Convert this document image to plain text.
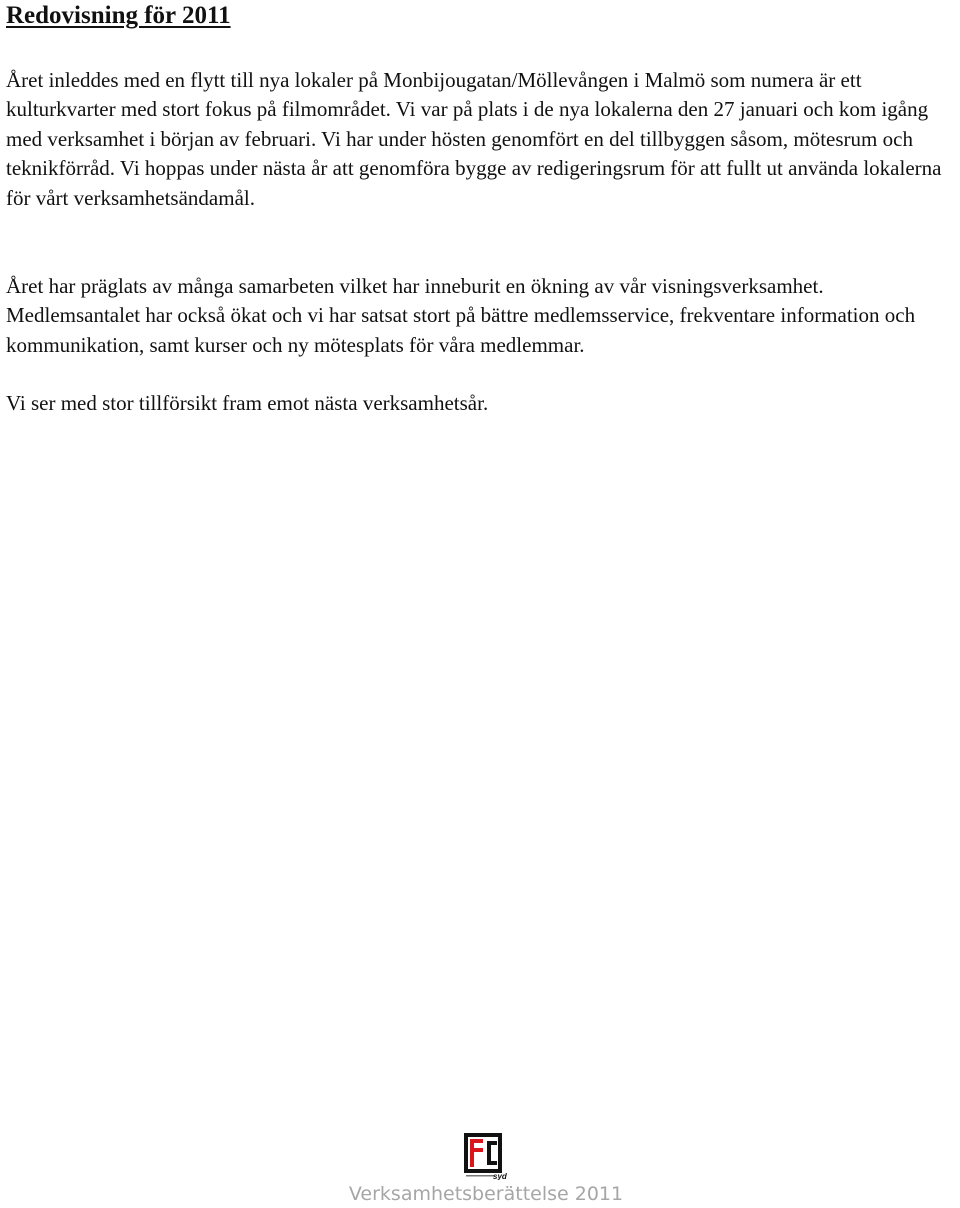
Redovisning för 2011

Året inleddes med en flytt till nya lokaler på Monbijougatan/Möllevången i Malmö som numera är ett kulturkvarter med stort fokus på filmområdet. Vi var på plats i de nya lokalerna den 27 januari och kom igång med verksamhet i början av februari. Vi har under hösten genomfört en del tillbyggen såsom, mötesrum och teknikförråd. Vi hoppas under nästa år att genomföra bygge av redigeringsrum för att fullt ut använda lokalerna för vårt verksamhetsändamål.

Året har präglats av många samarbeten vilket har inneburit en ökning av vår visningsverksamhet. Medlemsantalet har också ökat och vi har satsat stort på bättre medlemsservice, frekventare information och kommunikation, samt kurser och ny mötesplats för våra medlemmar.

Vi ser med stor tillförsikt fram emot nästa verksamhetsår.

syd
Verksamhetsberättelse 2011
